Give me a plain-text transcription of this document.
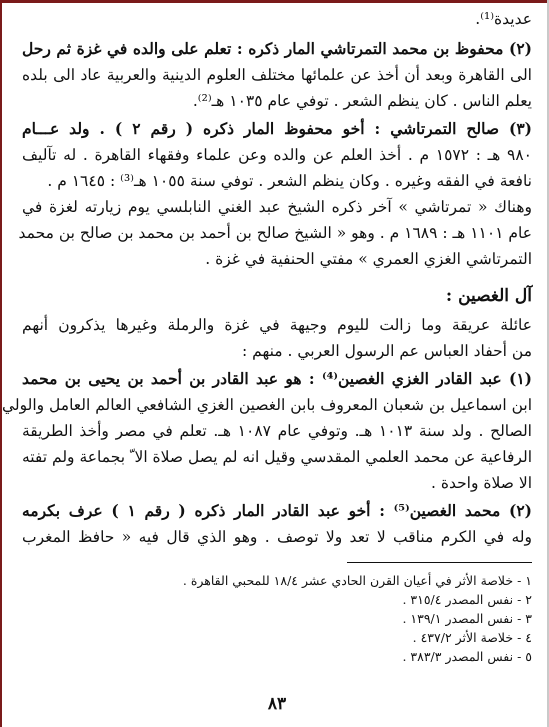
عديدة⁽¹⁾.
(٢) محفوظ بن محمد التمرتاشي المار ذكره : تعلم على والده في غزة ثم رحل
الى القاهرة وبعد أن أخذ عن علمائها مختلف العلوم الدينية والعربية عاد الى بلده
يعلم الناس . كان ينظم الشعر . توفي عام ١٠٣٥ هـ⁽²⁾.
(٣) صالح التمرتاشي : أخو محفوظ المار ذكره ( رقم ٢ ) . ولد عـــام
٩٨٠ هـ : ١٥٧٢ م . أخذ العلم عن والده وعن علماء وفقهاء القاهرة . له تآليف
نافعة في الفقه وغيره . وكان ينظم الشعر . توفي سنة ١٠٥٥ هـ⁽³⁾ : ١٦٤٥ م .
وهناك « تمرتاشي » آخر ذكره الشيخ عبد الغني النابلسي يوم زيارته لغزة في
عام ١١٠١ هـ : ١٦٨٩ م . وهو « الشيخ صالح بن أحمد بن محمد بن صالح بن محمد
التمرتاشي الغزي العمري » مفتي الحنفية في غزة .
آل الغصين :
عائلة عريقة وما زالت لليوم وجيهة في غزة والرملة وغيرها يذكرون أنهم
من أحفاد العباس عم الرسول العربي . منهم :
(١) عبد القادر الغزي الغصين⁽⁴⁾ : هو عبد القادر بن أحمد بن يحيى بن محمد
ابن اسماعيل بن شعبان المعروف بابن الغصين الغزي الشافعي العالم العامل والولي
الصالح . ولد سنة ١٠١٣ هـ. وتوفي عام ١٠٨٧ هـ. تعلم في مصر وأخذ الطريقة
الرفاعية عن محمد العلمي المقدسي وقيل انه لم يصل صلاة الا ّ بجماعة ولم تفته
الا صلاة واحدة .
(٢) محمد الغصين⁽⁵⁾ : أخو عبد القادر المار ذكره ( رقم ١ ) عرف بكرمه
وله في الكرم مناقب لا تعد ولا توصف . وهو الذي قال فيه « حافظ المغرب
١ - خلاصة الأثر في أعيان القرن الحادي عشر ١٨/٤ للمحبي القاهرة .
٢ - نفس المصدر ٣١٥/٤ .
٣ - نفس المصدر ١٣٩/١ .
٤ - خلاصة الأثر ٤٣٧/٢ .
٥ - نفس المصدر ٣٨٣/٣ .
٨٣
